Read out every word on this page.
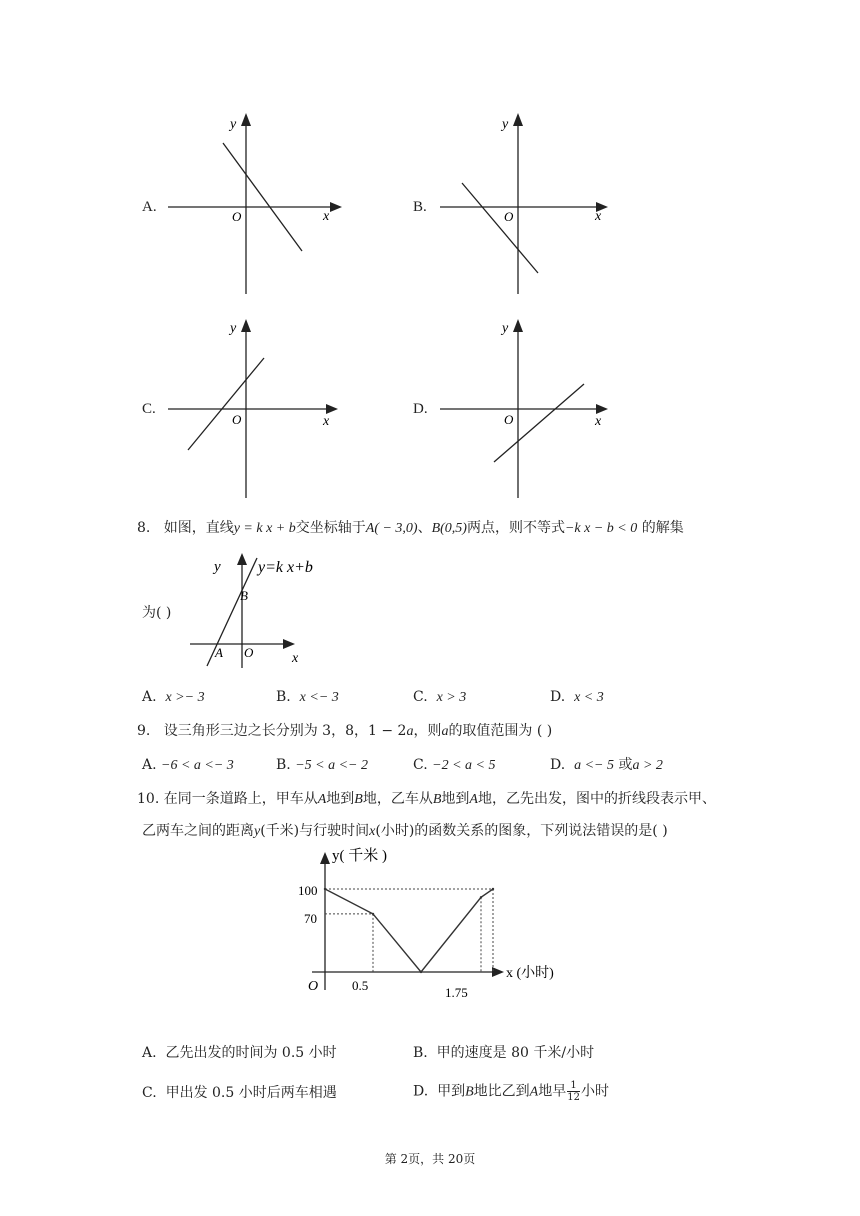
A.
y
x
O
B.
y
x
O
C.
y
x
O
D.
y
x
O
8. 如图，直线y = k x + b交坐标轴于A( − 3,0)、B(0,5)两点，则不等式−k x − b < 0 的解集
为( )
y y=k x+b
B
A O	x
A. x >− 3	B. x <− 3	C. x > 3	D. x < 3
9. 设三角形三边之长分别为 3，8，1 − 2a，则a的取值范围为 ( )
A. −6 < a <− 3	B. −5 < a <− 2	C. −2 < a < 5	D. a <− 5 或a > 2
10. 在同一条道路上，甲车从A地到B地，乙车从B地到A地，乙先出发，图中的折线段表示甲、
乙两车之间的距离y(千米)与行驶时间x(小时)的函数关系的图象，下列说法错误的是( )
y( 千米 )
x (小时)
O
100
70
0.5	1.75
A. 乙先出发的时间为 0.5 小时	B. 甲的速度是 80 千米/小时
C. 甲出发 0.5 小时后两车相遇	D. 甲到B地比乙到A地早 $\frac{1}{12}$ 小时
第 2页，共 20页
